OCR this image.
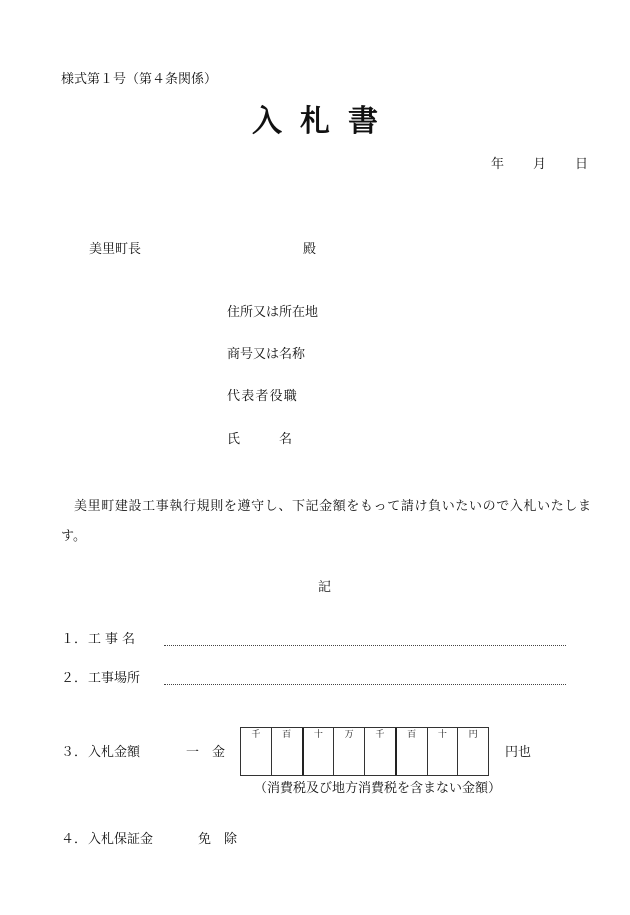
様式第１号（第４条関係）
入札書
年 月 日
美里町長	殿
住所又は所在地
商号又は名称
代表者役職
氏　　　名
美里町建設工事執行規則を遵守し、下記金額をもって請け負いたいので入札いたします。
記
１． 工事名
２． 工事場所
３． 入札金額	一　金
千	百	十	万	千	百	十	円
円也
（消費税及び地方消費税を含まない金額）
４． 入札保証金	免　除
